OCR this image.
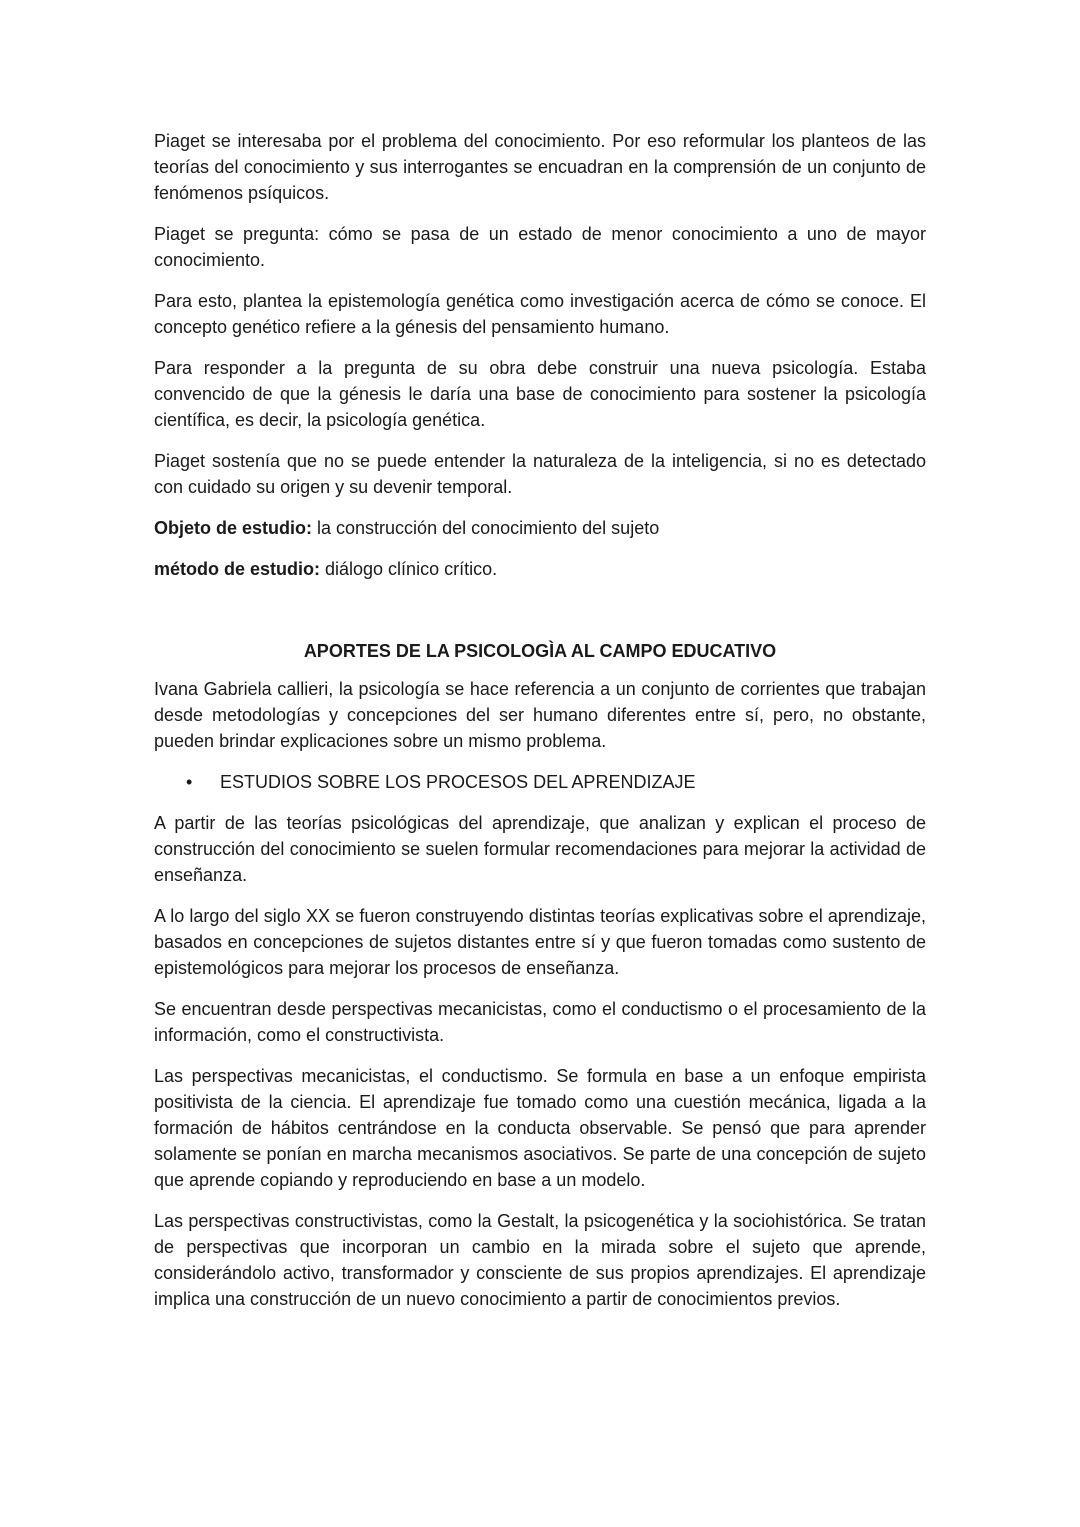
Piaget se interesaba por el problema del conocimiento. Por eso reformular los planteos de las teorías del conocimiento y sus interrogantes se encuadran en la comprensión de un conjunto de fenómenos psíquicos.

Piaget se pregunta: cómo se pasa de un estado de menor conocimiento a uno de mayor conocimiento.

Para esto, plantea la epistemología genética como investigación acerca de cómo se conoce. El concepto genético refiere a la génesis del pensamiento humano.

Para responder a la pregunta de su obra debe construir una nueva psicología. Estaba convencido de que la génesis le daría una base de conocimiento para sostener la psicología científica, es decir, la psicología genética.

Piaget sostenía que no se puede entender la naturaleza de la inteligencia, si no es detectado con cuidado su origen y su devenir temporal.

Objeto de estudio: la construcción del conocimiento del sujeto

método de estudio: diálogo clínico crítico.

APORTES DE LA PSICOLOGÌA AL CAMPO EDUCATIVO

Ivana Gabriela callieri, la psicología se hace referencia a un conjunto de corrientes que trabajan desde metodologías y concepciones del ser humano diferentes entre sí, pero, no obstante, pueden brindar explicaciones sobre un mismo problema.

•	ESTUDIOS SOBRE LOS PROCESOS DEL APRENDIZAJE

A partir de las teorías psicológicas del aprendizaje, que analizan y explican el proceso de construcción del conocimiento se suelen formular recomendaciones para mejorar la actividad de enseñanza.

A lo largo del siglo XX se fueron construyendo distintas teorías explicativas sobre el aprendizaje, basados en concepciones de sujetos distantes entre sí y que fueron tomadas como sustento de epistemológicos para mejorar los procesos de enseñanza.

Se encuentran desde perspectivas mecanicistas, como el conductismo o el procesamiento de la información, como el constructivista.

Las perspectivas mecanicistas, el conductismo. Se formula en base a un enfoque empirista positivista de la ciencia. El aprendizaje fue tomado como una cuestión mecánica, ligada a la formación de hábitos centrándose en la conducta observable. Se pensó que para aprender solamente se ponían en marcha mecanismos asociativos. Se parte de una concepción de sujeto que aprende copiando y reproduciendo en base a un modelo.

Las perspectivas constructivistas, como la Gestalt, la psicogenética y la sociohistórica. Se tratan de perspectivas que incorporan un cambio en la mirada sobre el sujeto que aprende, considerándolo activo, transformador y consciente de sus propios aprendizajes. El aprendizaje implica una construcción de un nuevo conocimiento a partir de conocimientos previos.
